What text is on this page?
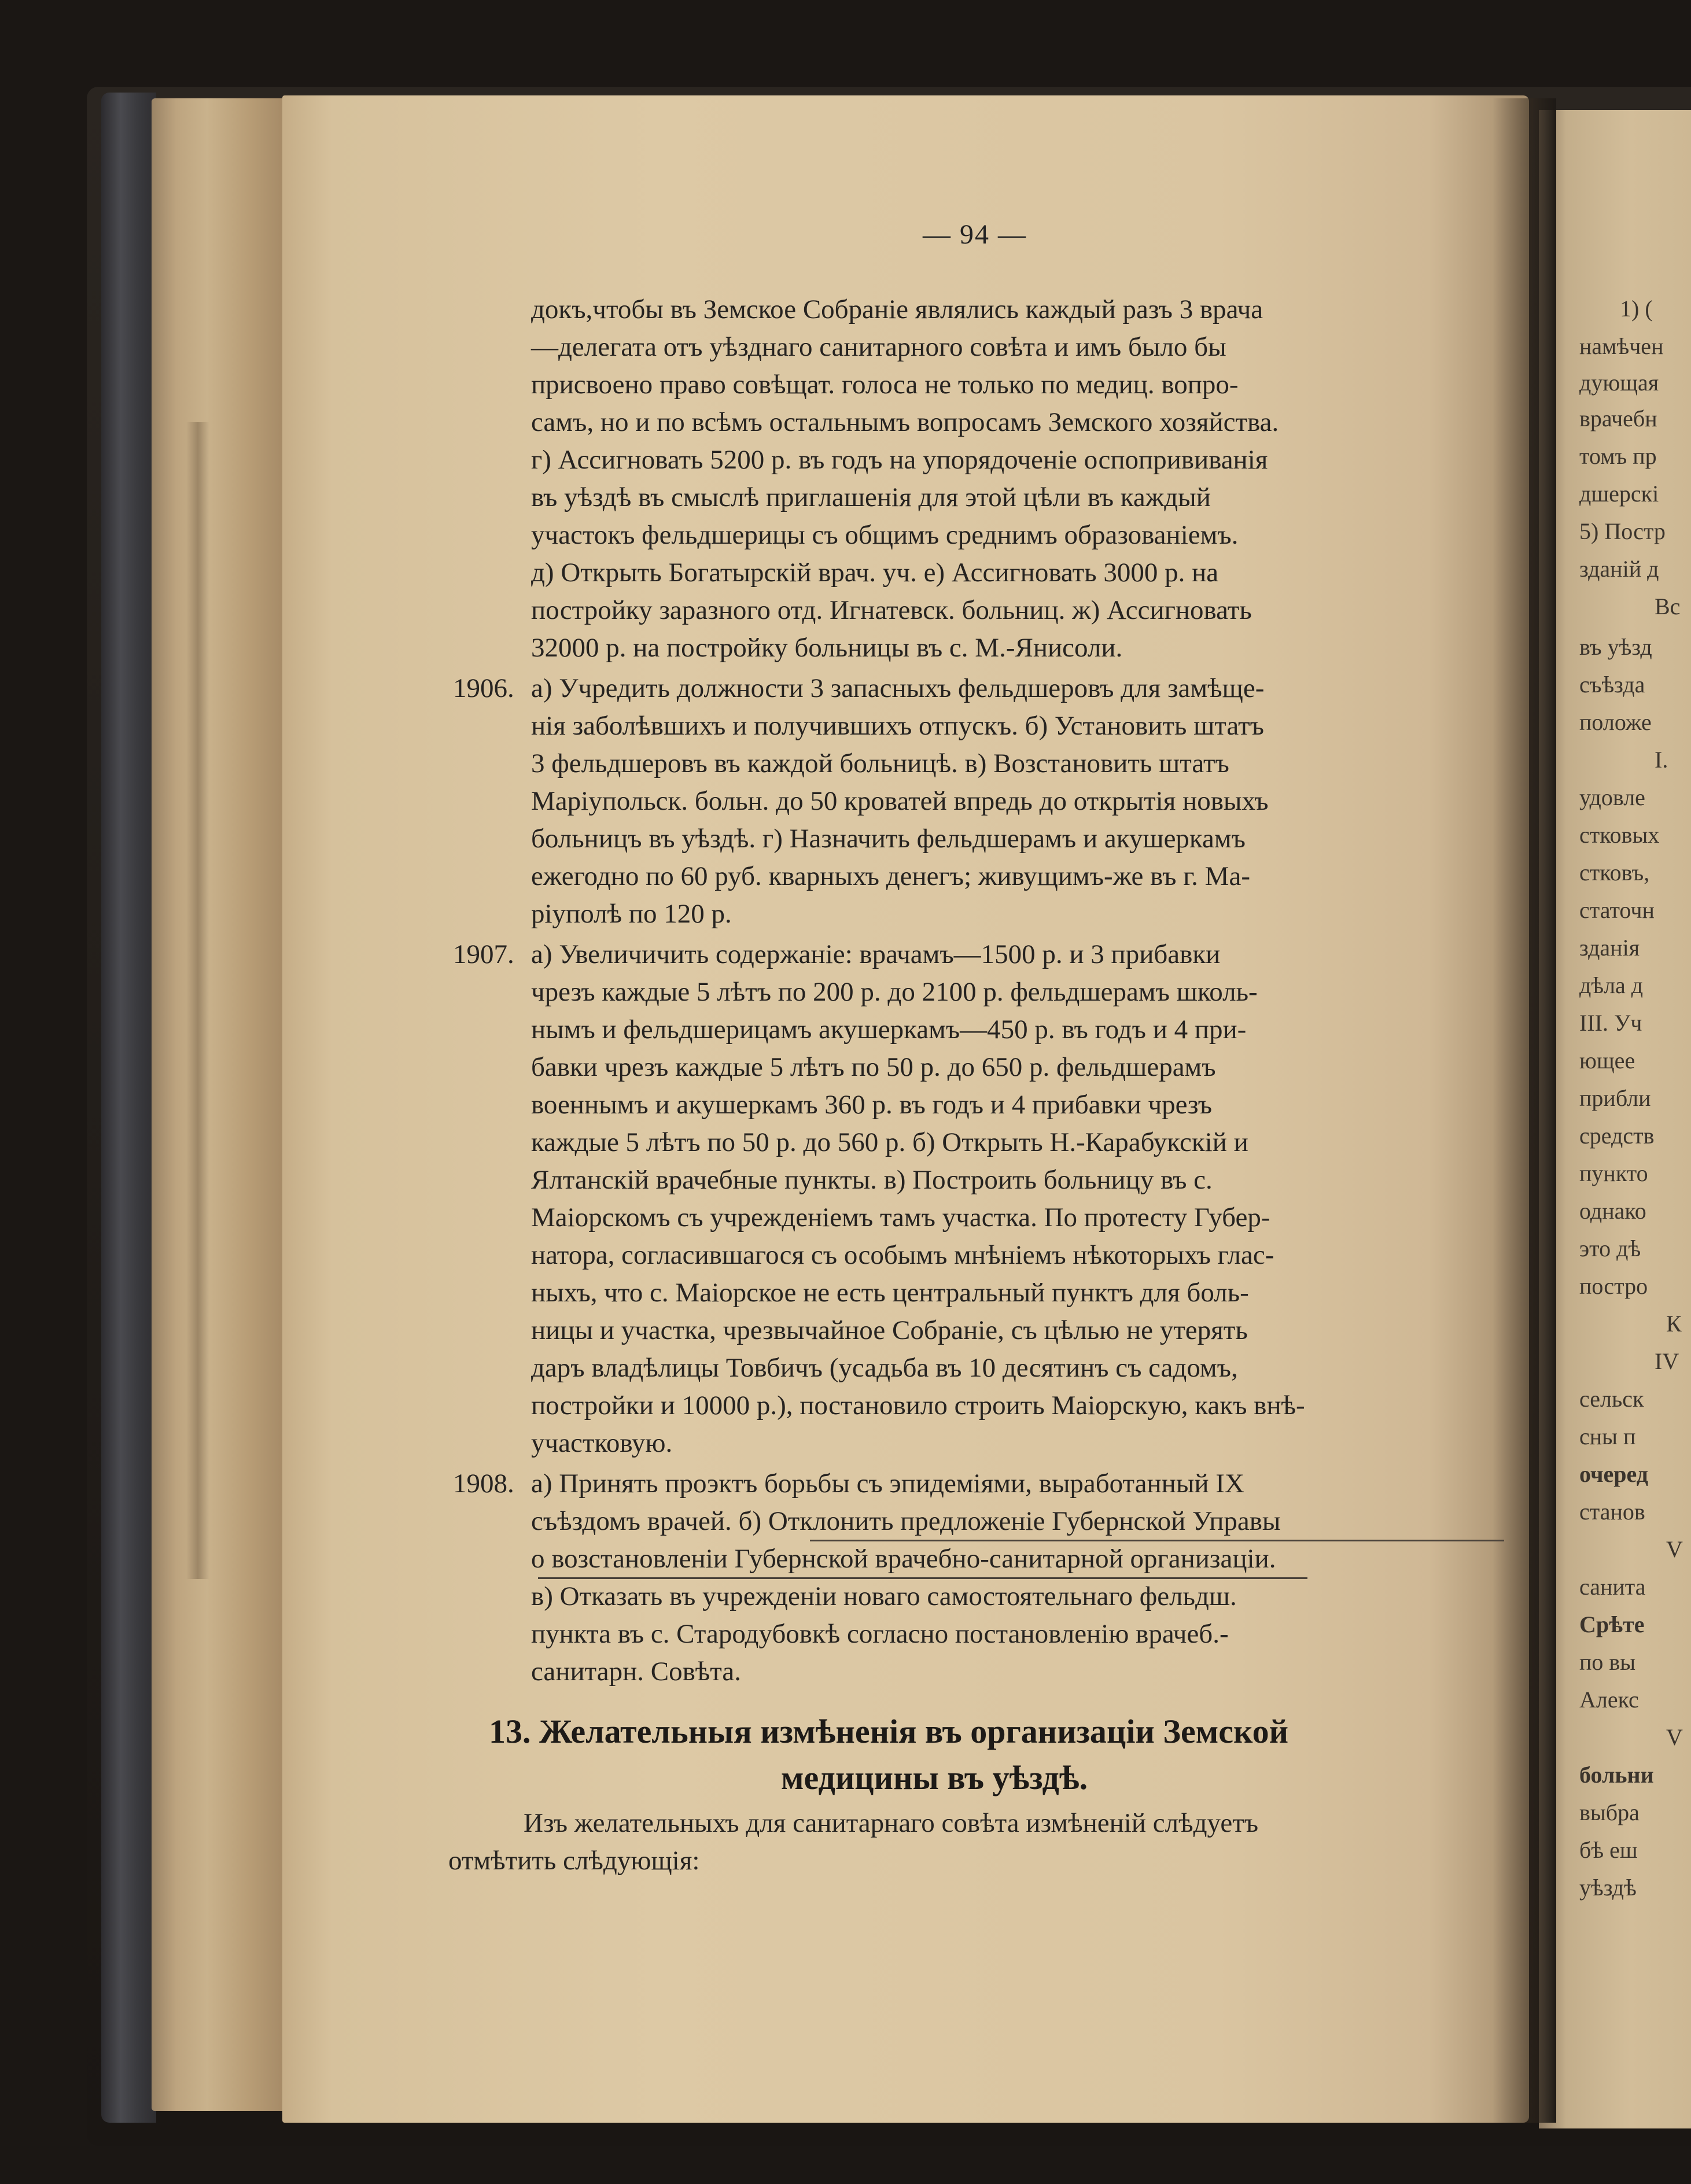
— 94 —
докъ,чтобы въ Земское Собраніе являлись каждый разъ 3 врача
—делегата отъ уѣзднаго санитарного совѣта и имъ было бы
присвоено право совѣщат. голоса не только по медиц. вопро-
самъ, но и по всѣмъ остальнымъ вопросамъ Земского хозяйства.
г) Ассигновать 5200 р. въ годъ на упорядоченіе оспопрививанія
въ уѣздѣ въ смыслѣ приглашенія для этой цѣли въ каждый
участокъ фельдшерицы съ общимъ среднимъ образованіемъ.
д) Открыть Богатырскій врач. уч. е) Ассигновать 3000 р. на
постройку заразного отд. Игнатевск. больниц. ж) Ассигновать
32000 р. на постройку больницы въ с. М.-Янисоли.
1906. а) Учредить должности 3 запасныхъ фельдшеровъ для замѣще-
нія заболѣвшихъ и получившихъ отпускъ. б) Установить штатъ
3 фельдшеровъ въ каждой больницѣ. в) Возстановить штатъ
Маріупольск. больн. до 50 кроватей впредь до открытія новыхъ
больницъ въ уѣздѣ. г) Назначить фельдшерамъ и акушеркамъ
ежегодно по 60 руб. кварныхъ денегъ; живущимъ-же въ г. Ма-
ріуполѣ по 120 р.
1907. а) Увеличичить содержаніе: врачамъ—1500 р. и 3 прибавки
чрезъ каждые 5 лѣтъ по 200 р. до 2100 р. фельдшерамъ школь-
нымъ и фельдшерицамъ акушеркамъ—450 р. въ годъ и 4 при-
бавки чрезъ каждые 5 лѣтъ по 50 р. до 650 р. фельдшерамъ
военнымъ и акушеркамъ 360 р. въ годъ и 4 прибавки чрезъ
каждые 5 лѣтъ по 50 р. до 560 р. б) Открыть Н.-Карабукскій и
Ялтанскій врачебные пункты. в) Построить больницу въ с.
Маіорскомъ съ учрежденіемъ тамъ участка. По протесту Губер-
натора, согласившагося съ особымъ мнѣніемъ нѣкоторыхъ глас-
ныхъ, что с. Маіорское не есть центральный пунктъ для боль-
ницы и участка, чрезвычайное Собраніе, съ цѣлью не утерять
даръ владѣлицы Товбичъ (усадьба въ 10 десятинъ съ садомъ,
постройки и 10000 р.), постановило строить Маіорскую, какъ внѣ-
участковую.
1908. а) Принять проэктъ борьбы съ эпидеміями, выработанный IX
съѣздомъ врачей. б) Отклонить предложеніе Губернской Управы
о возстановленіи Губернской врачебно-санитарной организаціи.
в) Отказать въ учрежденіи новаго самостоятельнаго фельдш.
пункта въ с. Стародубовкѣ согласно постановленію врачеб.-
санитарн. Совѣта.
13. Желательныя измѣненія въ организаціи Земской
медицины въ уѣздѣ.
Изъ желательныхъ для санитарнаго совѣта измѣненій слѣдуетъ
отмѣтить слѣдующія:
1) (
намѣчен
дующая
врачебн
томъ пр
дшерскі
5) Постр
зданій д
Вс
въ уѣзд
съѣзда
положе
I.
удовле
стковых
стковъ,
статочн
зданія
дѣла д
III. Уч
ющее
прибли
средств
пункто
однако
это дѣ
постро
К
IV
сельск
сны п
очеред
станов
V
санита
Срѣте
по вы
Алекс
V
больни
выбра
бѣ еш
уѣздѣ
